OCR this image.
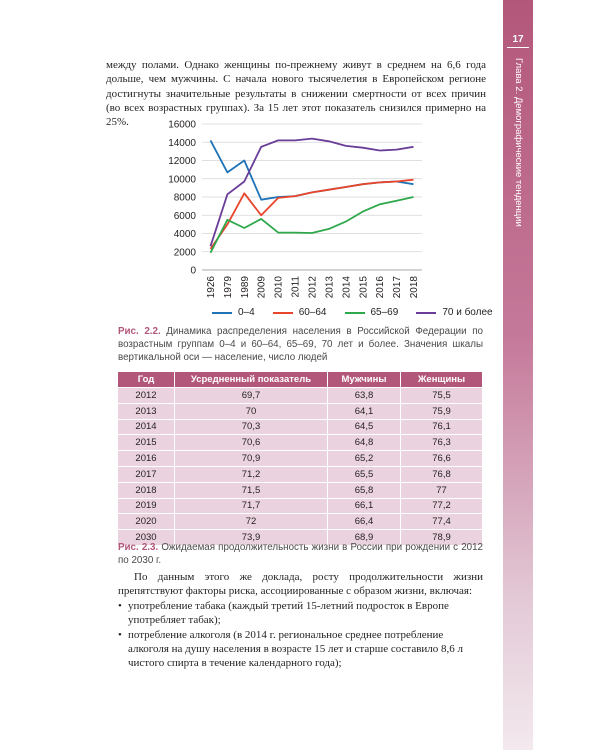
17
Глава 2. Демографические тенденции

между полами. Однако женщины по-прежнему живут в среднем на 6,6 года дольше, чем мужчины. С начала нового тысячелетия в Европейском регионе достигнуты значительные результаты в снижении смертности от всех причин (во всех возрастных группах). За 15 лет этот показатель снизился примерно на 25%.

0
2000
4000
6000
8000
10000
12000
14000
16000
1926 1979 1989 2009 2010 2011 2012 2013 2014 2015 2016 2017 2018
0–4	60–64	65–69	70 и более
Рис. 2.2. Динамика распределения населения в Российской Федерации по возрастным группам 0–4 и 60–64, 65–69, 70 лет и более. Значения шкалы вертикальной оси — население, число людей
Год	Усредненный показатель	Мужчины	Женщины
2012	69,7	63,8	75,5
2013	70	64,1	75,9
2014	70,3	64,5	76,1
2015	70,6	64,8	76,3
2016	70,9	65,2	76,6
2017	71,2	65,5	76,8
2018	71,5	65,8	77
2019	71,7	66,1	77,2
2020	72	66,4	77,4
2030	73,9	68,9	78,9
Рис. 2.3. Ожидаемая продолжительность жизни в России при рождении с 2012 по 2030 г.

По данным этого же доклада, росту продолжительности жизни препятствуют факторы риска, ассоциированные с образом жизни, включая:

• употребление табака (каждый третий 15-летний подросток в Европе употребляет табак);
• потребление алкоголя (в 2014 г. региональное среднее потребление алкоголя на душу населения в возрасте 15 лет и старше составило 8,6 л чистого спирта в течение календарного года);
